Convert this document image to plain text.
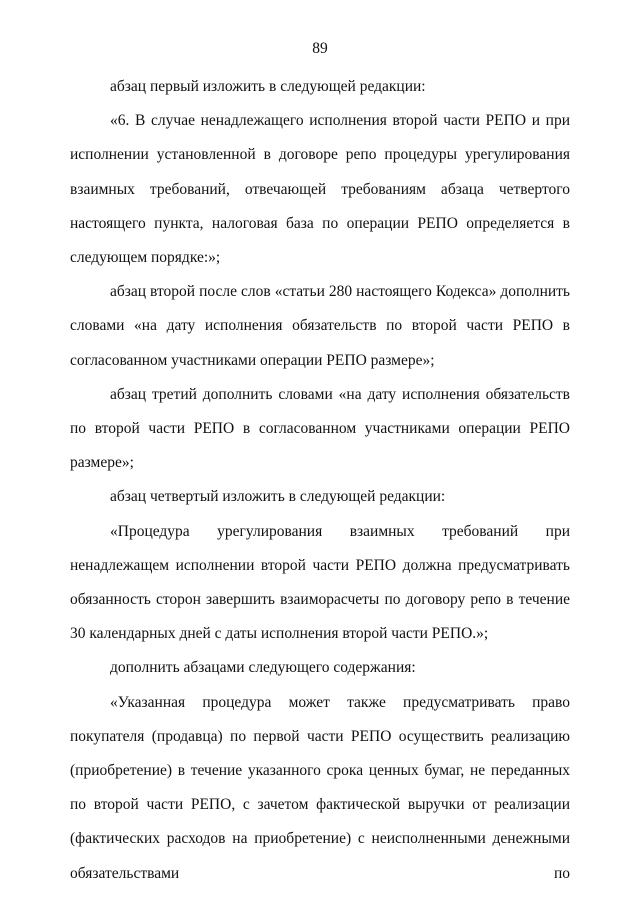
89

абзац первый изложить в следующей редакции:

«6. В случае ненадлежащего исполнения второй части РЕПО и при исполнении установленной в договоре репо процедуры урегулирования взаимных требований, отвечающей требованиям абзаца четвертого настоящего пункта, налоговая база по операции РЕПО определяется в следующем порядке:»;

абзац второй после слов «статьи 280 настоящего Кодекса» дополнить словами «на дату исполнения обязательств по второй части РЕПО в согласованном участниками операции РЕПО размере»;

абзац третий дополнить словами «на дату исполнения обязательств по второй части РЕПО в согласованном участниками операции РЕПО размере»;

абзац четвертый изложить в следующей редакции:

«Процедура урегулирования взаимных требований при ненадлежащем исполнении второй части РЕПО должна предусматривать обязанность сторон завершить взаиморасчеты по договору репо в течение 30 календарных дней с даты исполнения второй части РЕПО.»;

дополнить абзацами следующего содержания:

«Указанная процедура может также предусматривать право покупателя (продавца) по первой части РЕПО осуществить реализацию (приобретение) в течение указанного срока ценных бумаг, не переданных по второй части РЕПО, с зачетом фактической выручки от реализации (фактических расходов на приобретение) с неисполненными денежными обязательствами по
